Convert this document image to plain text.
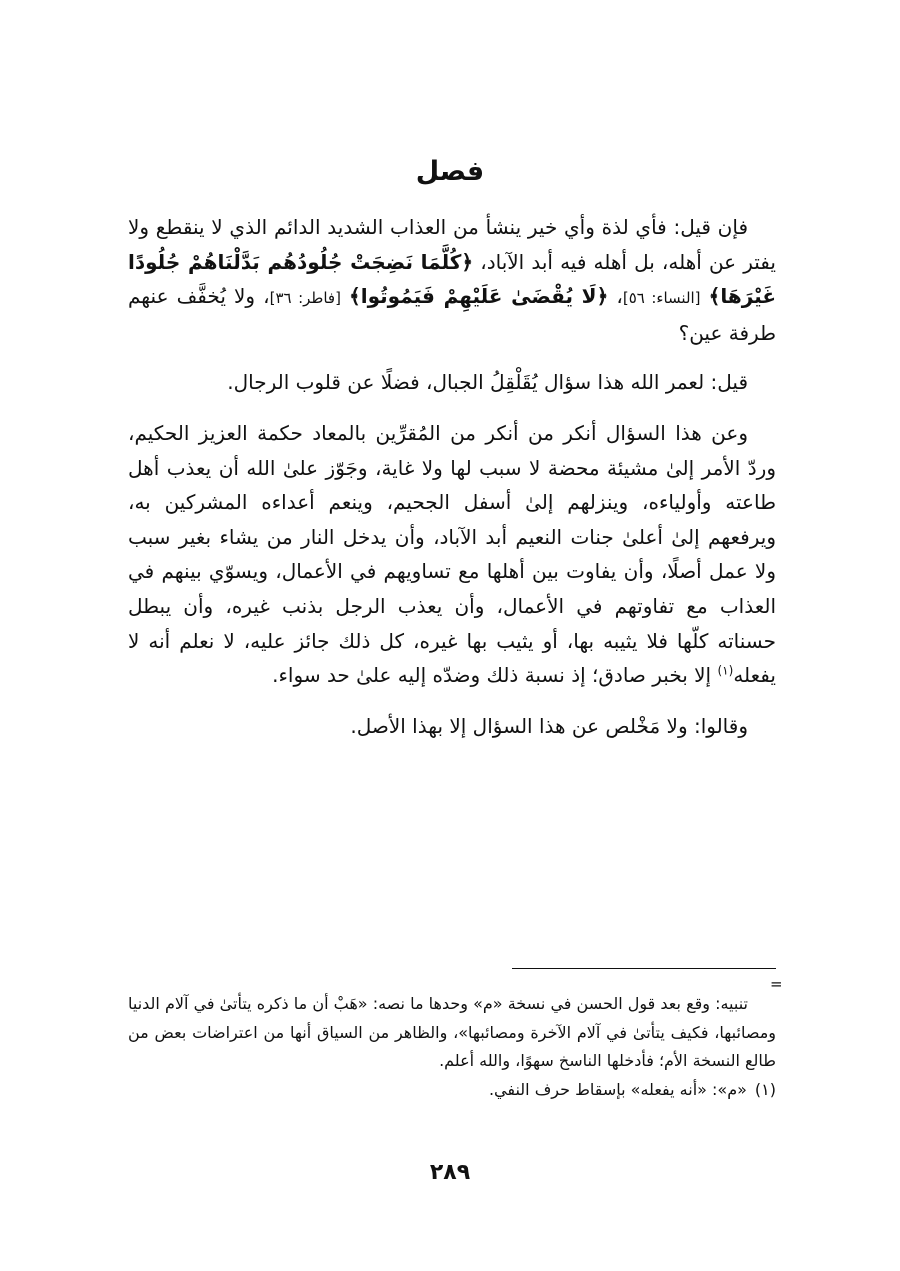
فصل

فإن قيل: فأي لذة وأي خير ينشأ من العذاب الشديد الدائم الذي لا ينقطع ولا يفتر عن أهله، بل أهله فيه أبد الآباد، ﴿كُلَّمَا نَضِجَتْ جُلُودُهُم بَدَّلْنَاهُمْ جُلُودًا غَيْرَهَا﴾ [النساء: ٥٦]، ﴿لَا يُقْضَىٰ عَلَيْهِمْ فَيَمُوتُوا﴾ [فاطر: ٣٦]، ولا يُخفَّف عنهم طرفة عين؟

قيل: لعمر الله هذا سؤال يُقَلْقِلُ الجبال، فضلًا عن قلوب الرجال.

وعن هذا السؤال أنكر من أنكر من المُقرِّين بالمعاد حكمة العزيز الحكيم، وردّ الأمر إلىٰ مشيئة محضة لا سبب لها ولا غاية، وجَوّز علىٰ الله أن يعذب أهل طاعته وأولياءه، وينزلهم إلىٰ أسفل الجحيم، وينعم أعداءه المشركين به، ويرفعهم إلىٰ أعلىٰ جنات النعيم أبد الآباد، وأن يدخل النار من يشاء بغير سبب ولا عمل أصلًا، وأن يفاوت بين أهلها مع تساويهم في الأعمال، ويسوّي بينهم في العذاب مع تفاوتهم في الأعمال، وأن يعذب الرجل بذنب غيره، وأن يبطل حسناته كلّها فلا يثيبه بها، أو يثيب بها غيره، كل ذلك جائز عليه، لا نعلم أنه لا يفعله$^{(١)}$ إلا بخبر صادق؛ إذ نسبة ذلك وضدّه إليه علىٰ حد سواء.

وقالوا: ولا مَخْلص عن هذا السؤال إلا بهذا الأصل.

=

تنبيه: وقع بعد قول الحسن في نسخة «م» وحدها ما نصه: «هَبْ أن ما ذكره يتأتىٰ في آلام الدنيا ومصائبها، فكيف يتأتىٰ في آلام الآخرة ومصائبها»، والظاهر من السياق أنها من اعتراضات بعض من طالع النسخة الأم؛ فأدخلها الناسخ سهوًا، والله أعلم.

(١)«م»: «أنه يفعله» بإسقاط حرف النفي.

٢٨٩
